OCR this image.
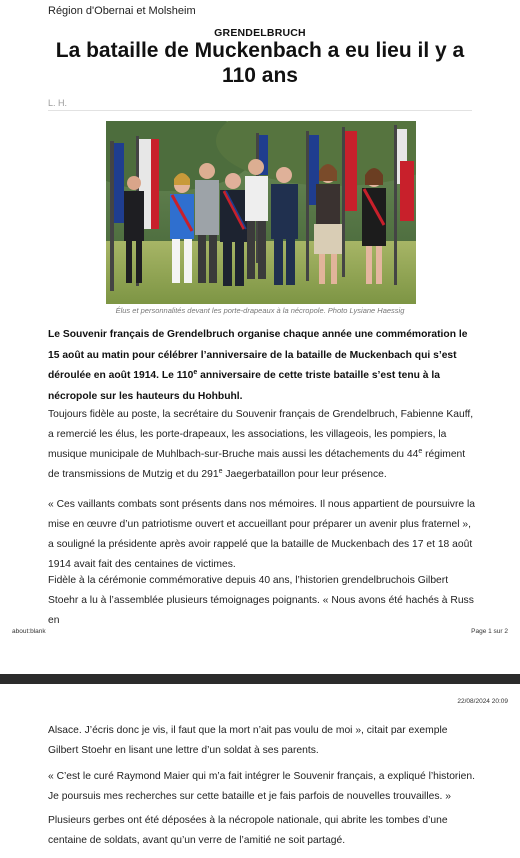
Région d'Obernai et Molsheim
GRENDELBRUCH
La bataille de Muckenbach a eu lieu il y a 110 ans
L. H.
Élus et personnalités devant les porte-drapeaux à la nécropole. Photo Lysiane Haessig

Le Souvenir français de Grendelbruch organise chaque année une commémoration le 15 août au matin pour célébrer l’anniversaire de la bataille de Muckenbach qui s’est déroulée en août 1914. Le 110e anniversaire de cette triste bataille s’est tenu à la nécropole sur les hauteurs du Hohbuhl.

Toujours fidèle au poste, la secrétaire du Souvenir français de Grendelbruch, Fabienne Kauff, a remercié les élus, les porte-drapeaux, les associations, les villageois, les pompiers, la musique municipale de Muhlbach-sur-Bruche mais aussi les détachements du 44e régiment de transmissions de Mutzig et du 291e Jaegerbataillon pour leur présence.

« Ces vaillants combats sont présents dans nos mémoires. Il nous appartient de poursuivre la mise en œuvre d’un patriotisme ouvert et accueillant pour préparer un avenir plus fraternel », a souligné la présidente après avoir rappelé que la bataille de Muckenbach des 17 et 18 août 1914 avait fait des centaines de victimes.

Fidèle à la cérémonie commémorative depuis 40 ans, l’historien grendelbruchois Gilbert Stoehr a lu à l’assemblée plusieurs témoignages poignants. « Nous avons été hachés à Russ en

about:blank	Page 1 sur 2
22/08/2024 20:09

Alsace. J’écris donc je vis, il faut que la mort n’ait pas voulu de moi », citait par exemple Gilbert Stoehr en lisant une lettre d’un soldat à ses parents.

« C’est le curé Raymond Maier qui m’a fait intégrer le Souvenir français, a expliqué l’historien. Je poursuis mes recherches sur cette bataille et je fais parfois de nouvelles trouvailles. »

Plusieurs gerbes ont été déposées à la nécropole nationale, qui abrite les tombes d’une centaine de soldats, avant qu’un verre de l’amitié ne soit partagé.
